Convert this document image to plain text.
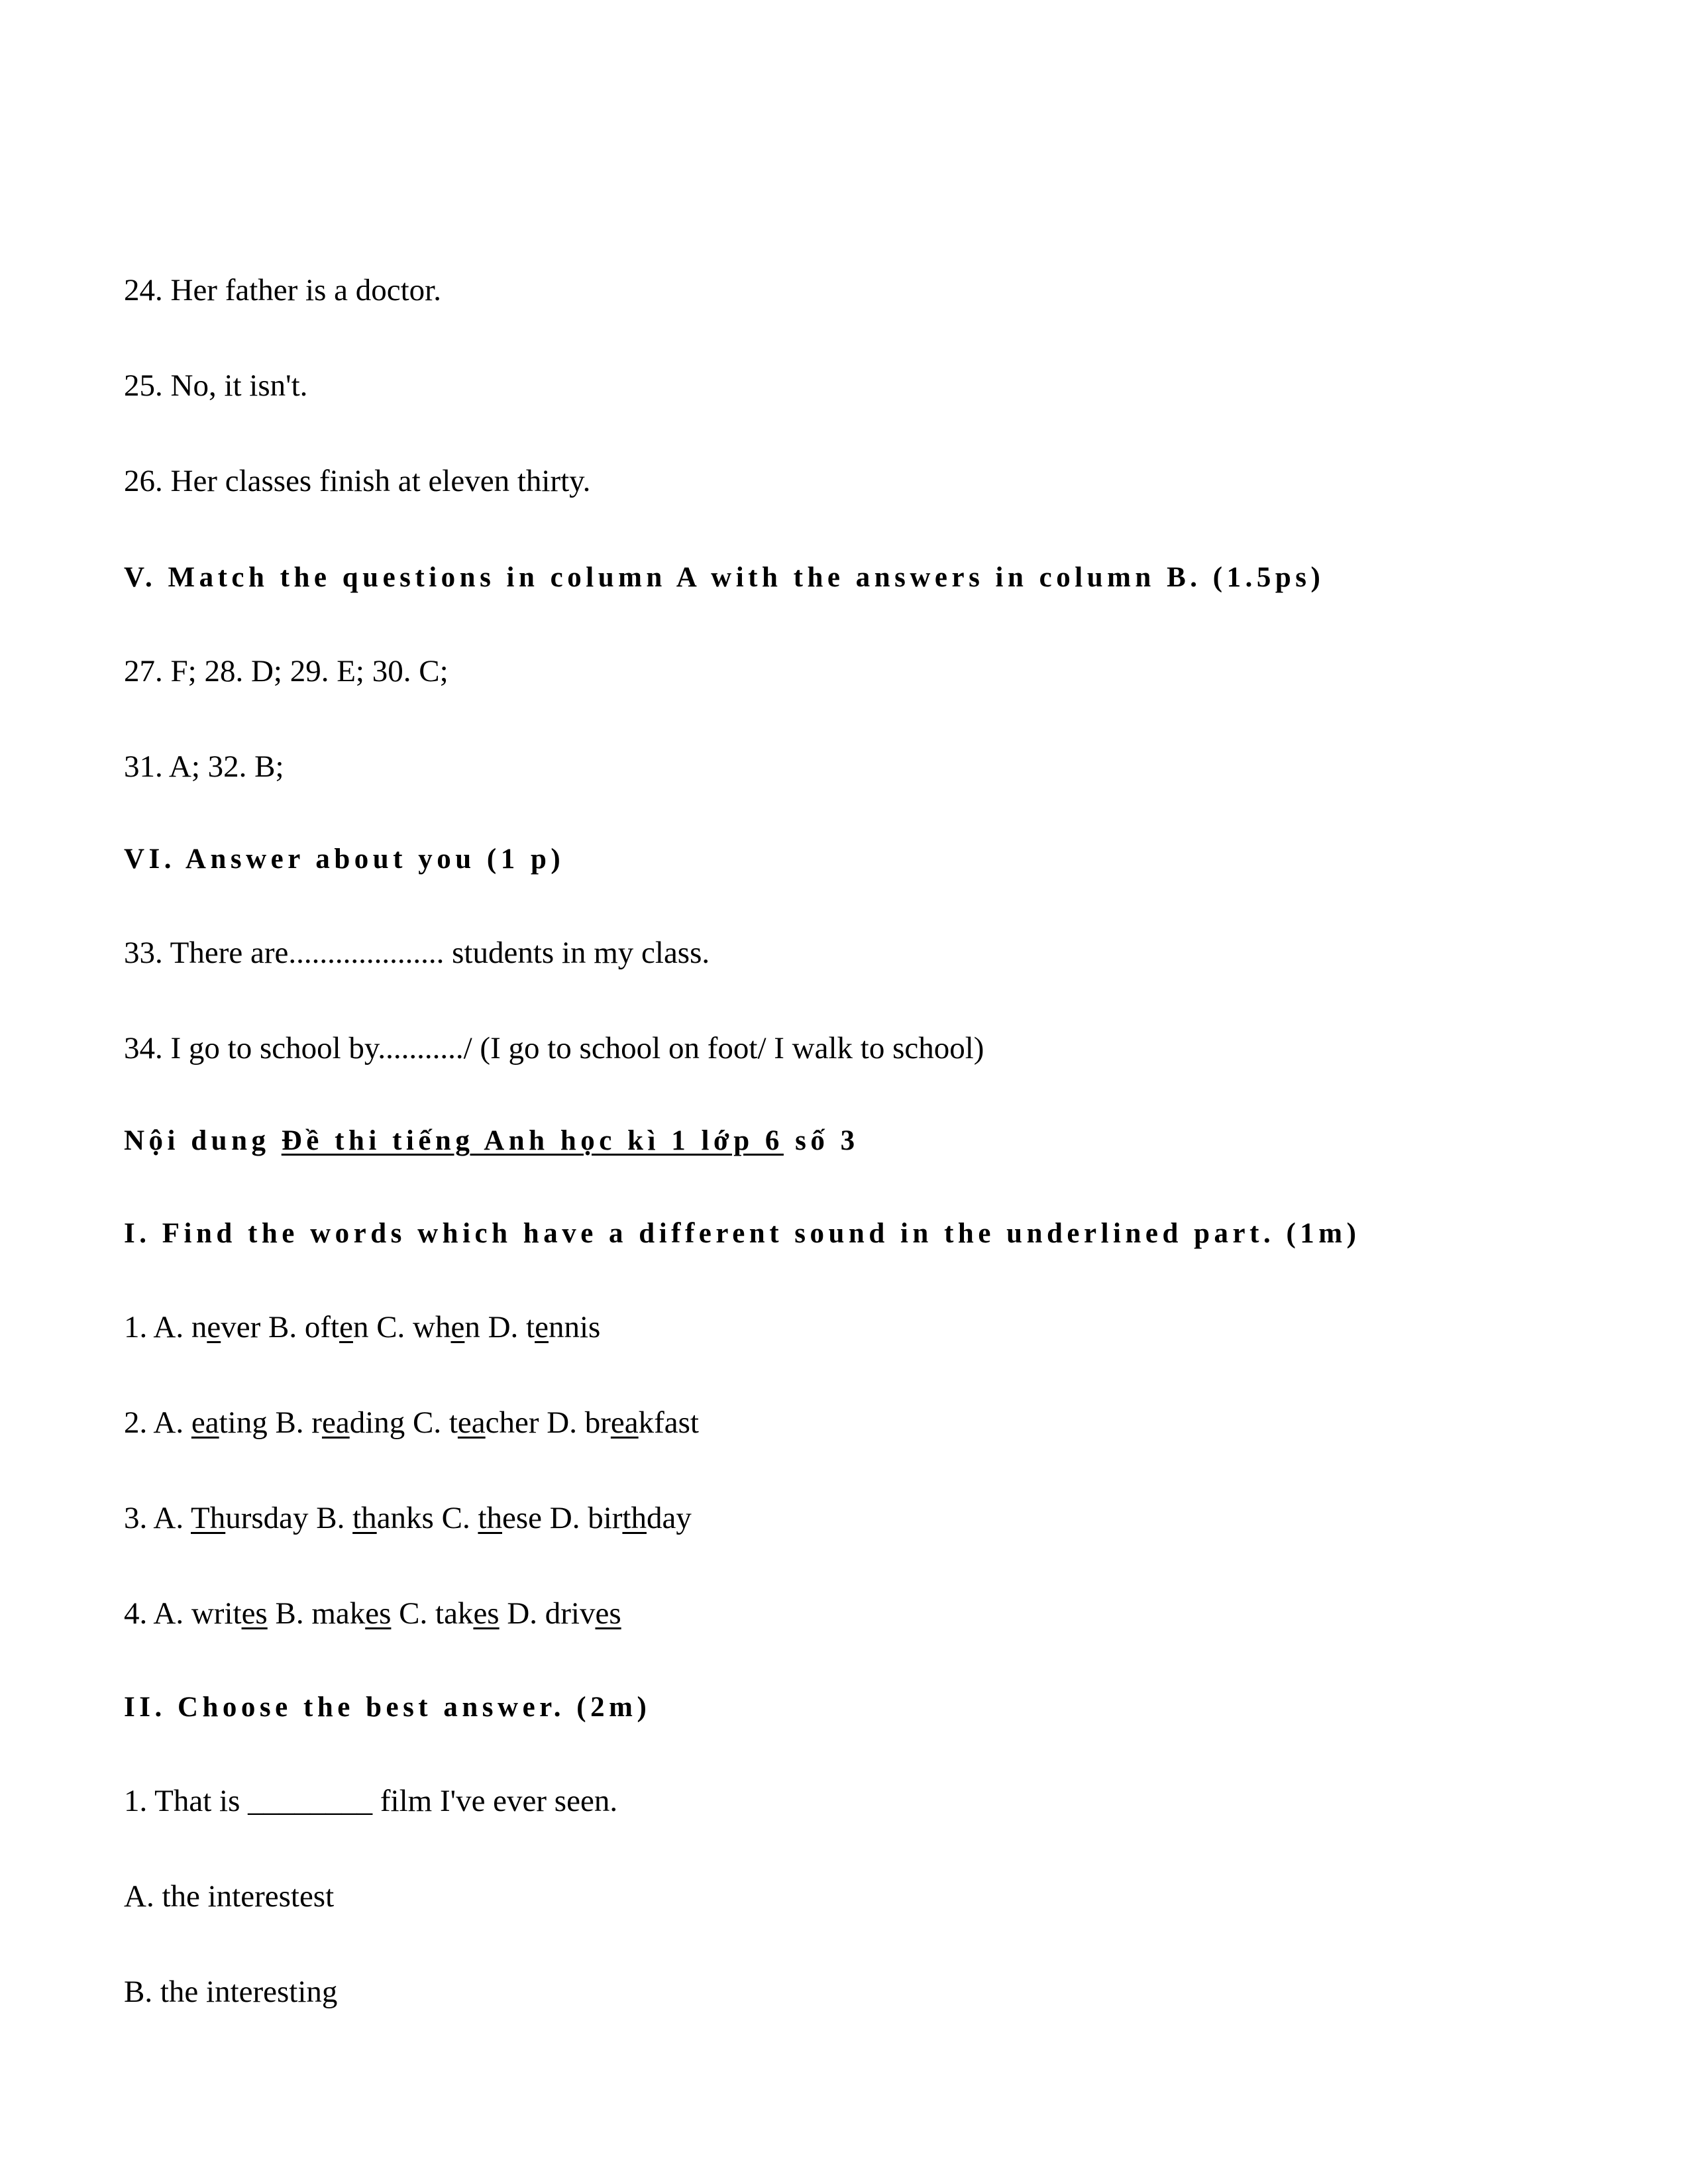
24. Her father is a doctor.
25. No, it isn't.
26. Her classes finish at eleven thirty.
V. Match the questions in column A with the answers in column B. (1.5ps)
27. F; 28. D; 29. E; 30. C;
31. A; 32. B;
VI. Answer about you (1 p)
33. There are.................... students in my class.
34. I go to school by.........../ (I go to school on foot/ I walk to school)
Nội dung Đề thi tiếng Anh học kì 1 lớp 6 số 3
I. Find the words which have a different sound in the underlined part. (1m)
1. A. never B. often C. when D. tennis
2. A. eating B. reading C. teacher D. breakfast
3. A. Thursday B. thanks C. these D. birthday
4. A. writes B. makes C. takes D. drives
II. Choose the best answer. (2m)
1. That is ________ film I've ever seen.
A. the interestest
B. the interesting
